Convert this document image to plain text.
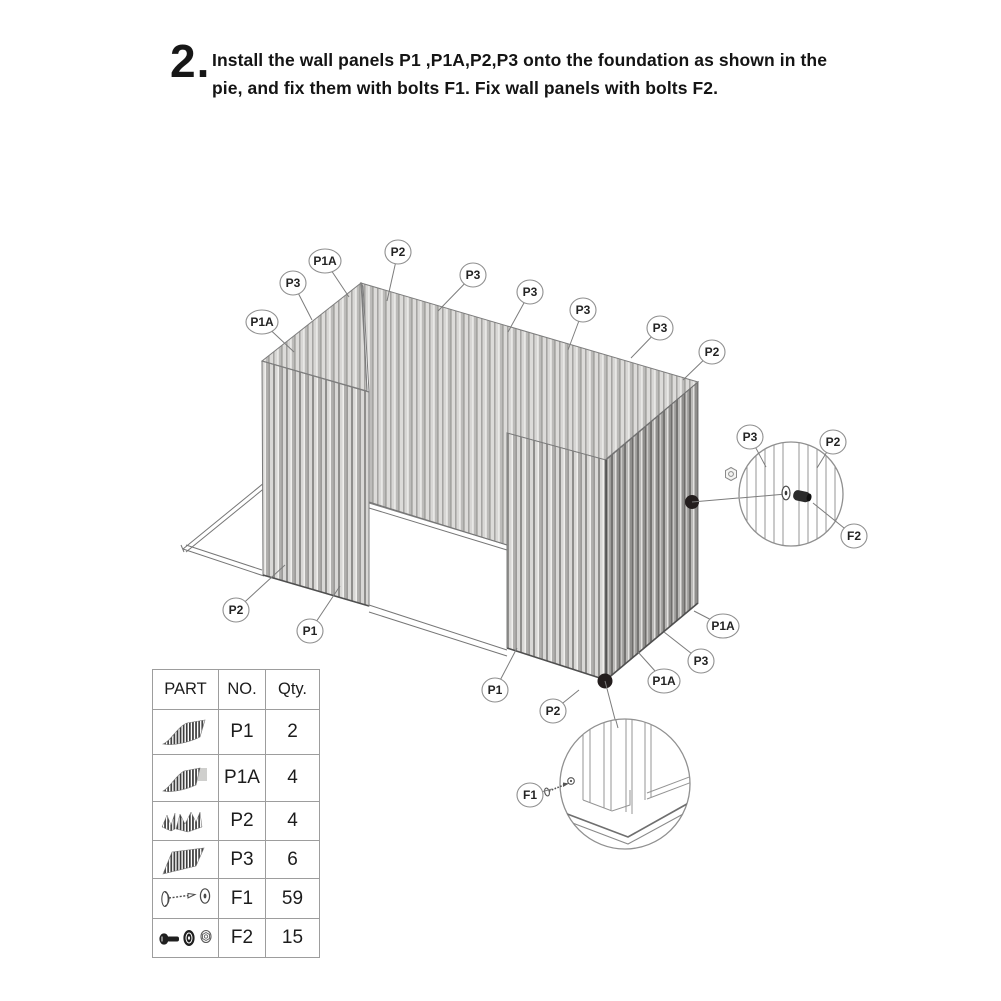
2. Install the wall panels P1 ,P1A,P2,P3 onto the foundation as shown in the
pie, and fix them with bolts F1. Fix wall panels with bolts F2.
P1A
P2
P3
P1A
P3
P3
P3
P3
P2
P2
P1
P1
P2
P1A
P3
P1A
P3	P2
F2
F1
PART	NO.	Qty.

	P1	2

	P1A	4

	P2	4

	P3	6

	F1	59

	F2	15
